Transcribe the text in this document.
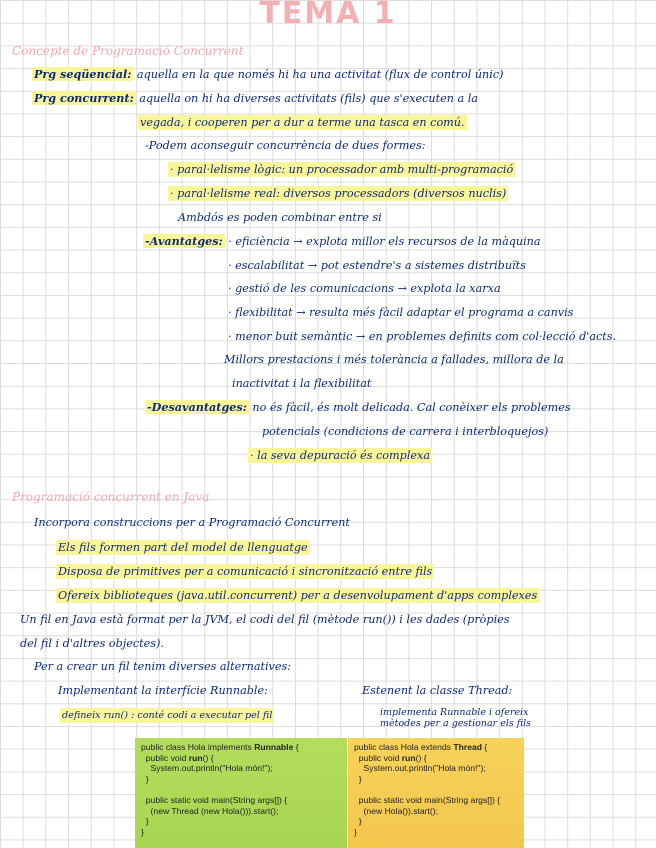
TEMA 1
Concepte de Programació Concurrent
Prg seqüencial: aquella en la que només hi ha una activitat (flux de control únic)
Prg concurrent: aquella on hi ha diverses activitats (fils) que s'executen a la
vegada, i cooperen per a dur a terme una tasca en comú.
-Podem aconseguir concurrència de dues formes:
· paral·lelisme lògic: un processador amb multi-programació
· paral·lelisme real: diversos processadors (diversos nuclis)
Ambdós es poden combinar entre si
-Avantatges: · eficiència → explota millor els recursos de la màquina
· escalabilitat → pot estendre's a sistemes distribuïts
· gestió de les comunicacions → explota la xarxa
· flexibilitat → resulta més fàcil adaptar el programa a canvis
· menor buit semàntic → en problemes definits com col·lecció d'acts.
Millors prestacions i més tolerància a fallades, millora de la
inactivitat i la flexibilitat
-Desavantatges: no és fàcil, és molt delicada. Cal conèixer els problemes
potencials (condicions de carrera i interbloquejos)
· la seva depuració és complexa
Programació concurrent en Java
Incorpora construccions per a Programació Concurrent
Els fils formen part del model de llenguatge
Disposa de primitives per a comunicació i sincronització entre fils
Ofereix biblioteques (java.util.concurrent) per a desenvolupament d'apps complexes
Un fil en Java està format per la JVM, el codi del fil (mètode run()) i les dades (pròpies
del fil i d'altres objectes).
Per a crear un fil tenim diverses alternatives:
Implementant la interfície Runnable:	Estenent la classe Thread:
defineix run() : conté codi a executar pel fil	implementa Runnable i ofereix
mètodes per a gestionar els fils
public class Hola implements Runnable {
public void run() {
System.out.println("Hola món!");
}

public static void main(String args[]) {
(new Thread (new Hola())).start();
}
}
public class Hola extends Thread {
public void run() {
System.out.println("Hola món!");
}

public static void main(String args[]) {
(new Hola()).start();
}
}
